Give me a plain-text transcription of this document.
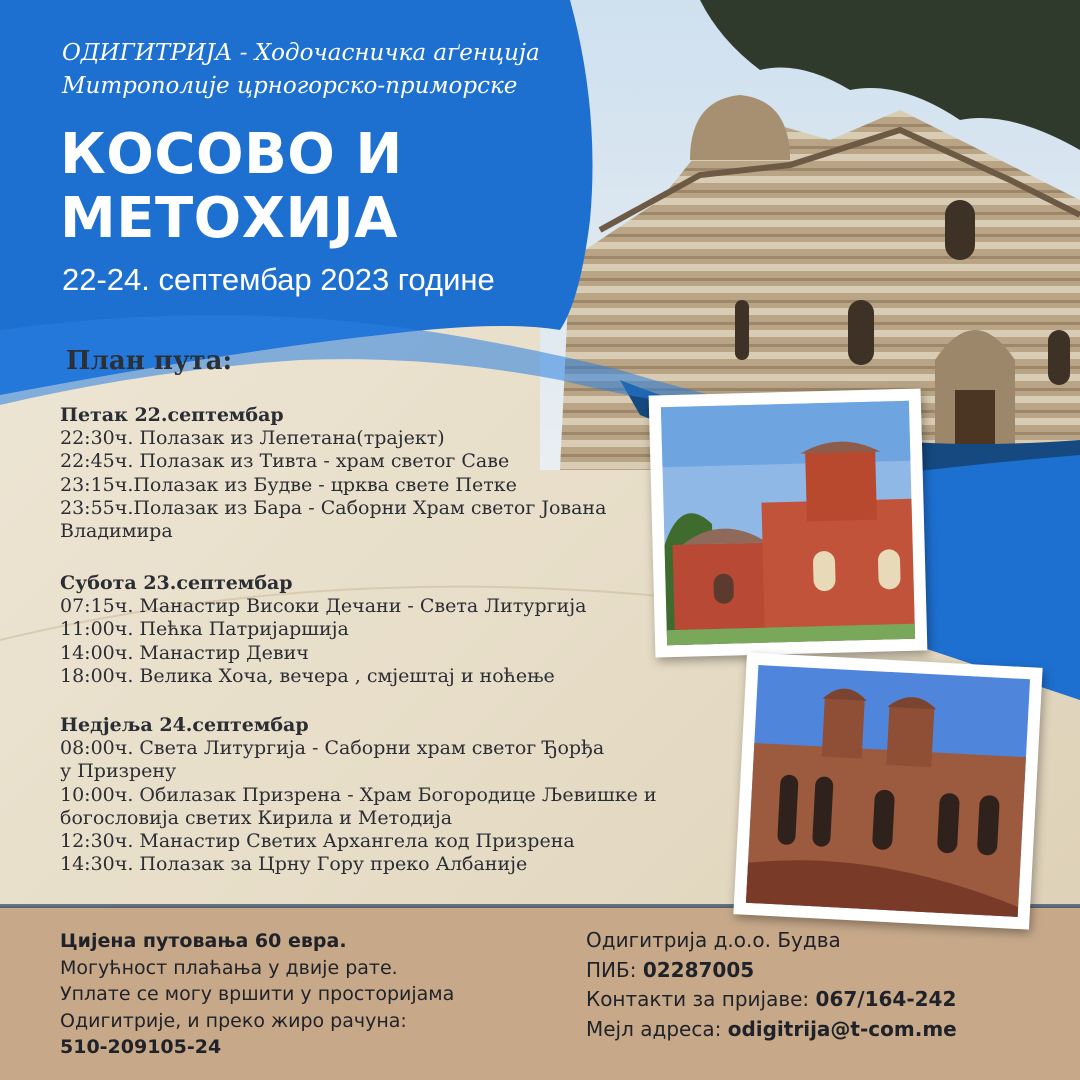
ОДИГИТРИЈА - Ходочасничка аґенција
Митрополије црногорско-приморске
КОСОВО И
МЕТОХИЈА
22-24. септембар 2023 године
План пута:
Петак 22.септембар
22:30ч. Полазак из Лепетана(трајект)
22:45ч. Полазак из Тивта - храм светог Саве
23:15ч.Полазак из Будве - црква свете Петке
23:55ч.Полазак из Бара - Саборни Храм светог Јована Владимира
Субота 23.септембар
07:15ч. Манастир Високи Дечани - Света Литургија
11:00ч. Пећка Патријаршија
14:00ч. Манастир Девич
18:00ч. Велика Хоча, вечера , смјештај и ноћење
Недјеља 24.септембар
08:00ч. Света Литургија - Саборни храм светог Ђорђа у Призрену
10:00ч. Обилазак Призрена - Храм Богородице Љевишке и богословија светих Кирила и Методија
12:30ч. Манастир Светих Архангела код Призрена
14:30ч. Полазак за Црну Гору преко Албаније
Цијена путовања 60 евра.
Могућност плаћања у двије рате.
Уплате се могу вршити у просторијама
Одигитрије, и преко жиро рачуна:
510-209105-24
Одигитрија д.о.о. Будва
ПИБ: 02287005
Контакти за пријаве: 067/164-242
Мејл адреса: odigitrija@t-com.me
